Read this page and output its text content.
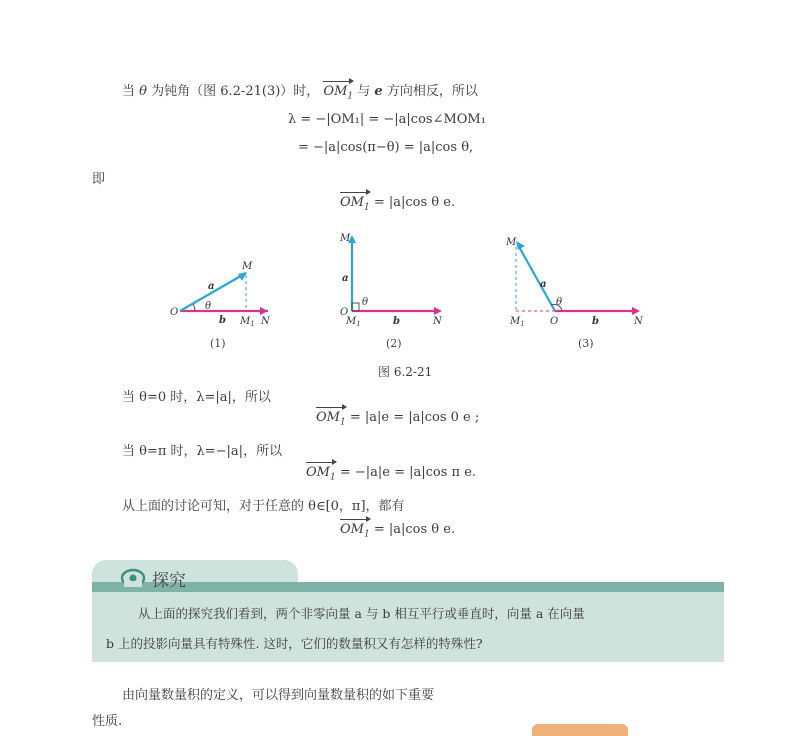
当 θ 为钝角（图 6.2-21(3)）时， $OM_1$ 与 e 方向相反，所以
λ = −|OM₁| = −|a|cos∠MOM₁
= −|a|cos(π−θ) = |a|cos θ,
即
$OM_1 = |a|\cos$ θ e.
O
M
a
θ
b $M_1$ N
(1)
M
a
O
θ
$M_1$	b	N
(2)
M
a
θ
$M_1$	O	b	N
(3)
图 6.2-21
当 θ=0 时，λ=|a|，所以
$OM_1 = |a|e = |a|\cos$ 0 e ;
当 θ=π 时，λ=−|a|，所以
$OM_1 = -|a|e = |a|\cos$ π e.
从上面的讨论可知，对于任意的 θ∈[0，π]，都有
$OM_1 = |a|\cos$ θ e.
探究
从上面的探究我们看到，两个非零向量 a 与 b 相互平行或垂直时，向量 a 在向量
b 上的投影向量具有特殊性. 这时，它们的数量积又有怎样的特殊性?
由向量数量积的定义，可以得到向量数量积的如下重要
性质.
